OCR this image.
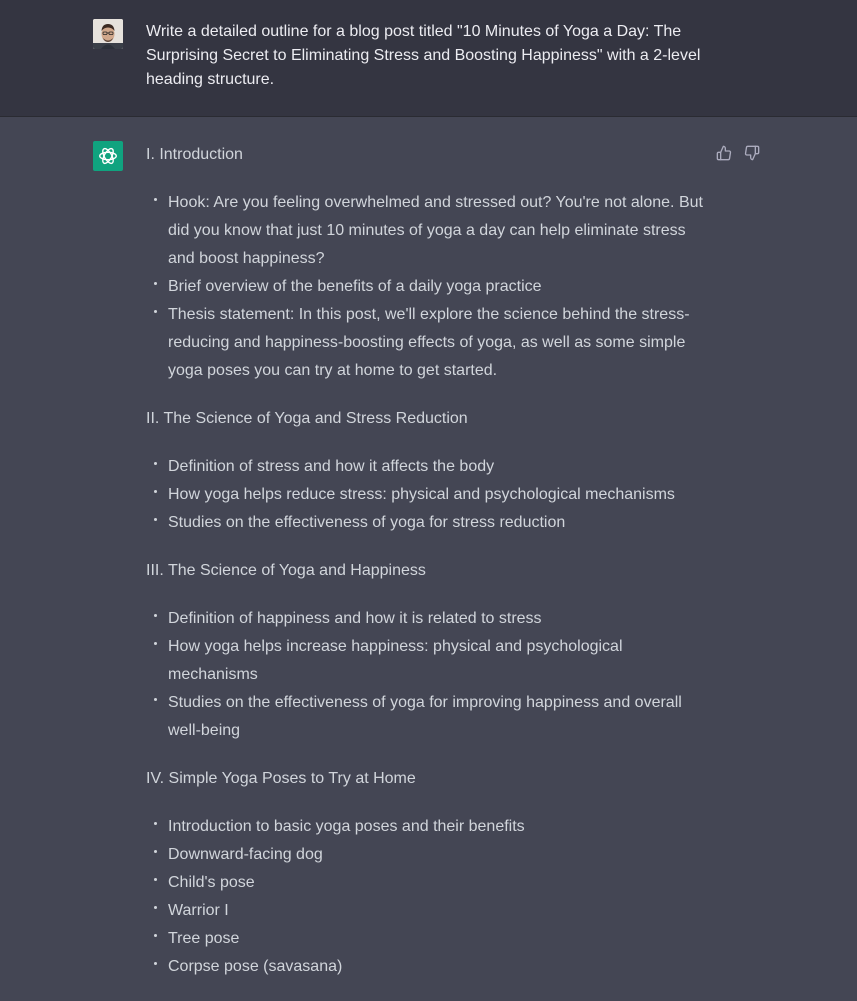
Write a detailed outline for a blog post titled "10 Minutes of Yoga a Day: The Surprising Secret to Eliminating Stress and Boosting Happiness" with a 2-level heading structure.

I. Introduction

Hook: Are you feeling overwhelmed and stressed out? You're not alone. But did you know that just 10 minutes of yoga a day can help eliminate stress and boost happiness?
Brief overview of the benefits of a daily yoga practice
Thesis statement: In this post, we'll explore the science behind the stress-reducing and happiness-boosting effects of yoga, as well as some simple yoga poses you can try at home to get started.

II. The Science of Yoga and Stress Reduction

Definition of stress and how it affects the body
How yoga helps reduce stress: physical and psychological mechanisms
Studies on the effectiveness of yoga for stress reduction

III. The Science of Yoga and Happiness

Definition of happiness and how it is related to stress
How yoga helps increase happiness: physical and psychological mechanisms
Studies on the effectiveness of yoga for improving happiness and overall well-being

IV. Simple Yoga Poses to Try at Home

Introduction to basic yoga poses and their benefits
Downward-facing dog
Child's pose
Warrior I
Tree pose
Corpse pose (savasana)
